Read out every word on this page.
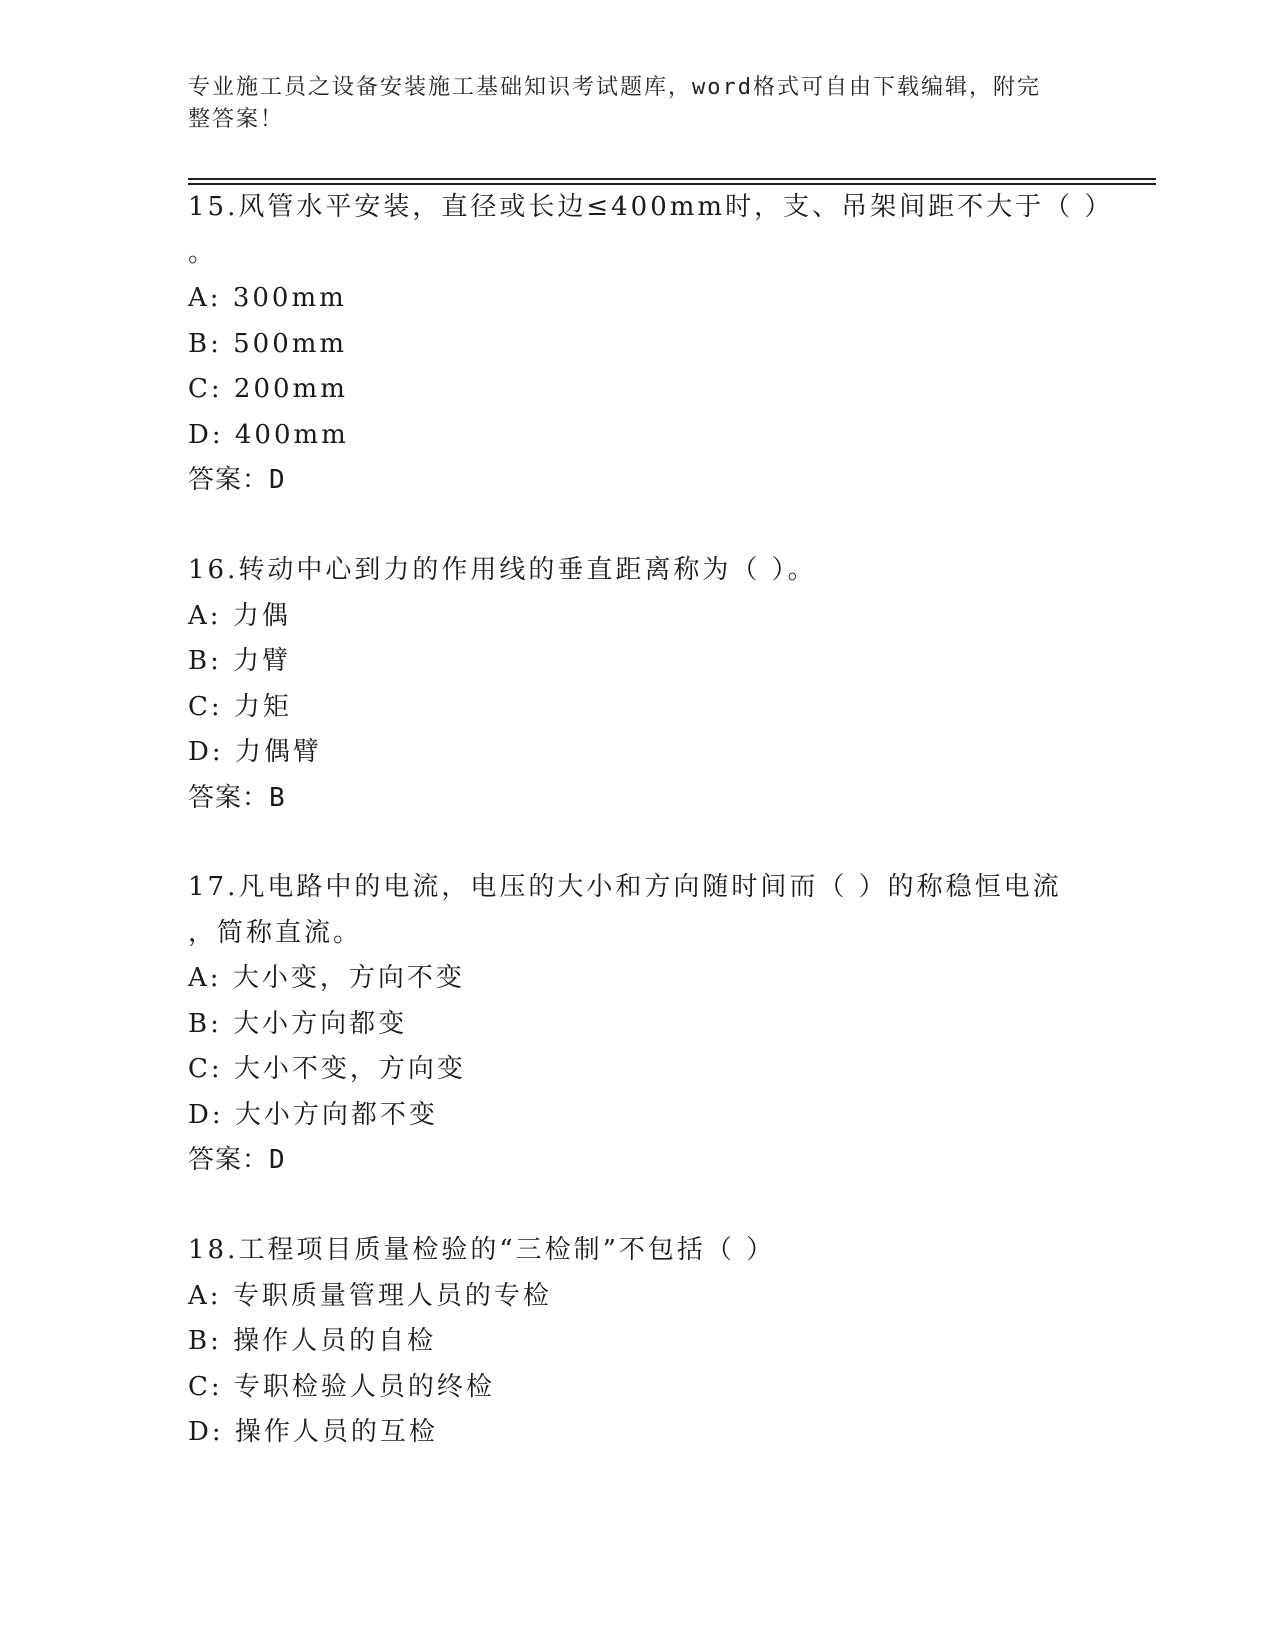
专业施工员之设备安装施工基础知识考试题库，word格式可自由下载编辑，附完
整答案！
15.风管水平安装，直径或长边≤400mm时，支、吊架间距不大于（ ）
。
A: 300mm
B: 500mm
C: 200mm
D: 400mm
答案：D
16.转动中心到力的作用线的垂直距离称为（ ）。
A: 力偶
B: 力臂
C: 力矩
D: 力偶臂
答案：B
17.凡电路中的电流，电压的大小和方向随时间而（ ）的称稳恒电流
，简称直流。
A: 大小变，方向不变
B: 大小方向都变
C: 大小不变，方向变
D: 大小方向都不变
答案：D
18.工程项目质量检验的“三检制”不包括（ ）
A: 专职质量管理人员的专检
B: 操作人员的自检
C: 专职检验人员的终检
D: 操作人员的互检
